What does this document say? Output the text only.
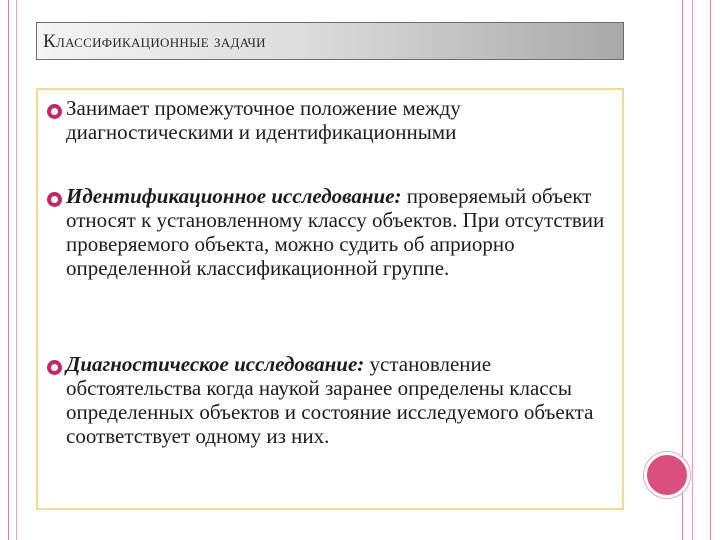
Классификационные задачи
Занимает промежуточное положение между диагностическими и идентификационными
Идентификационное исследование: проверяемый объект относят к установленному классу объектов. При отсутствии проверяемого объекта, можно судить об априорно определенной классификационной группе.
Диагностическое исследование: установление обстоятельства когда наукой заранее определены классы определенных объектов и состояние исследуемого объекта соответствует одному из них.
